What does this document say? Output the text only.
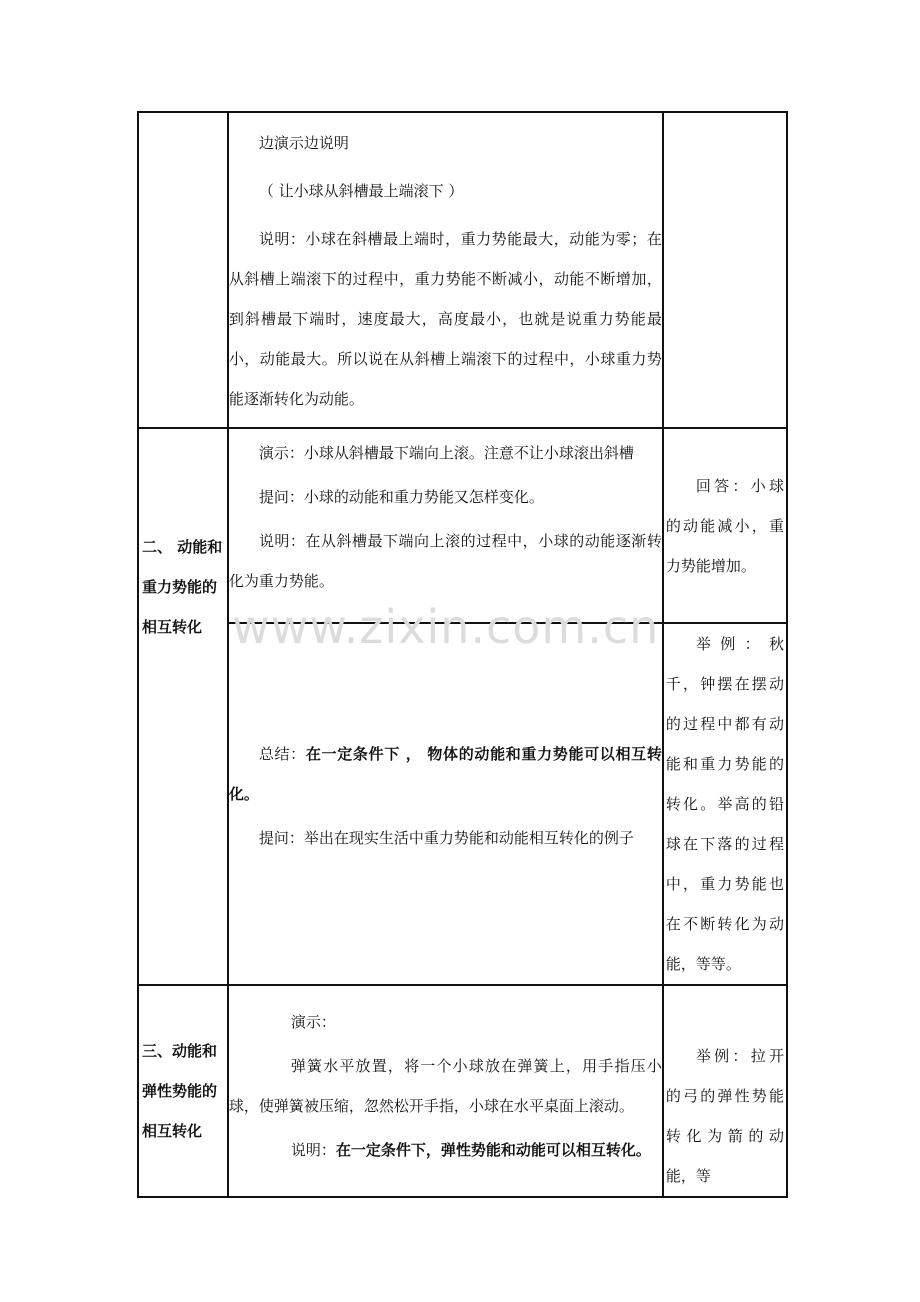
	边演示边说明

（ 让小球从斜槽最上端滚下 ）

说明：小球在斜槽最上端时，重力势能最大，动能为零；在从斜槽上端滚下的过程中，重力势能不断减小，动能不断增加，到斜槽最下端时，速度最大，高度最小，也就是说重力势能最小，动能最大。所以说在从斜槽上端滚下的过程中，小球重力势能逐渐转化为动能。	

二、 动能和重力势能的相互转化	演示：小球从斜槽最下端向上滚。注意不让小球滚出斜槽

提问：小球的动能和重力势能又怎样变化。

说明：在从斜槽最下端向上滚的过程中，小球的动能逐渐转化为重力势能。	回答：小球的动能减小，重力势能增加。

	总结：在一定条件下 ， 物体的动能和重力势能可以相互转化。

提问：举出在现实生活中重力势能和动能相互转化的例子	举例：秋千，钟摆在摆动的过程中都有动能和重力势能的转化。举高的铅球在下落的过程中，重力势能也在不断转化为动能，等等。

三、动能和弹性势能的相互转化	演示：

弹簧水平放置，将一个小球放在弹簧上，用手指压小球，使弹簧被压缩，忽然松开手指，小球在水平桌面上滚动。

说明：在一定条件下，弹性势能和动能可以相互转化。	举例：拉开的弓的弹性势能转化为箭的动能，等

www.zixin.com.cn
